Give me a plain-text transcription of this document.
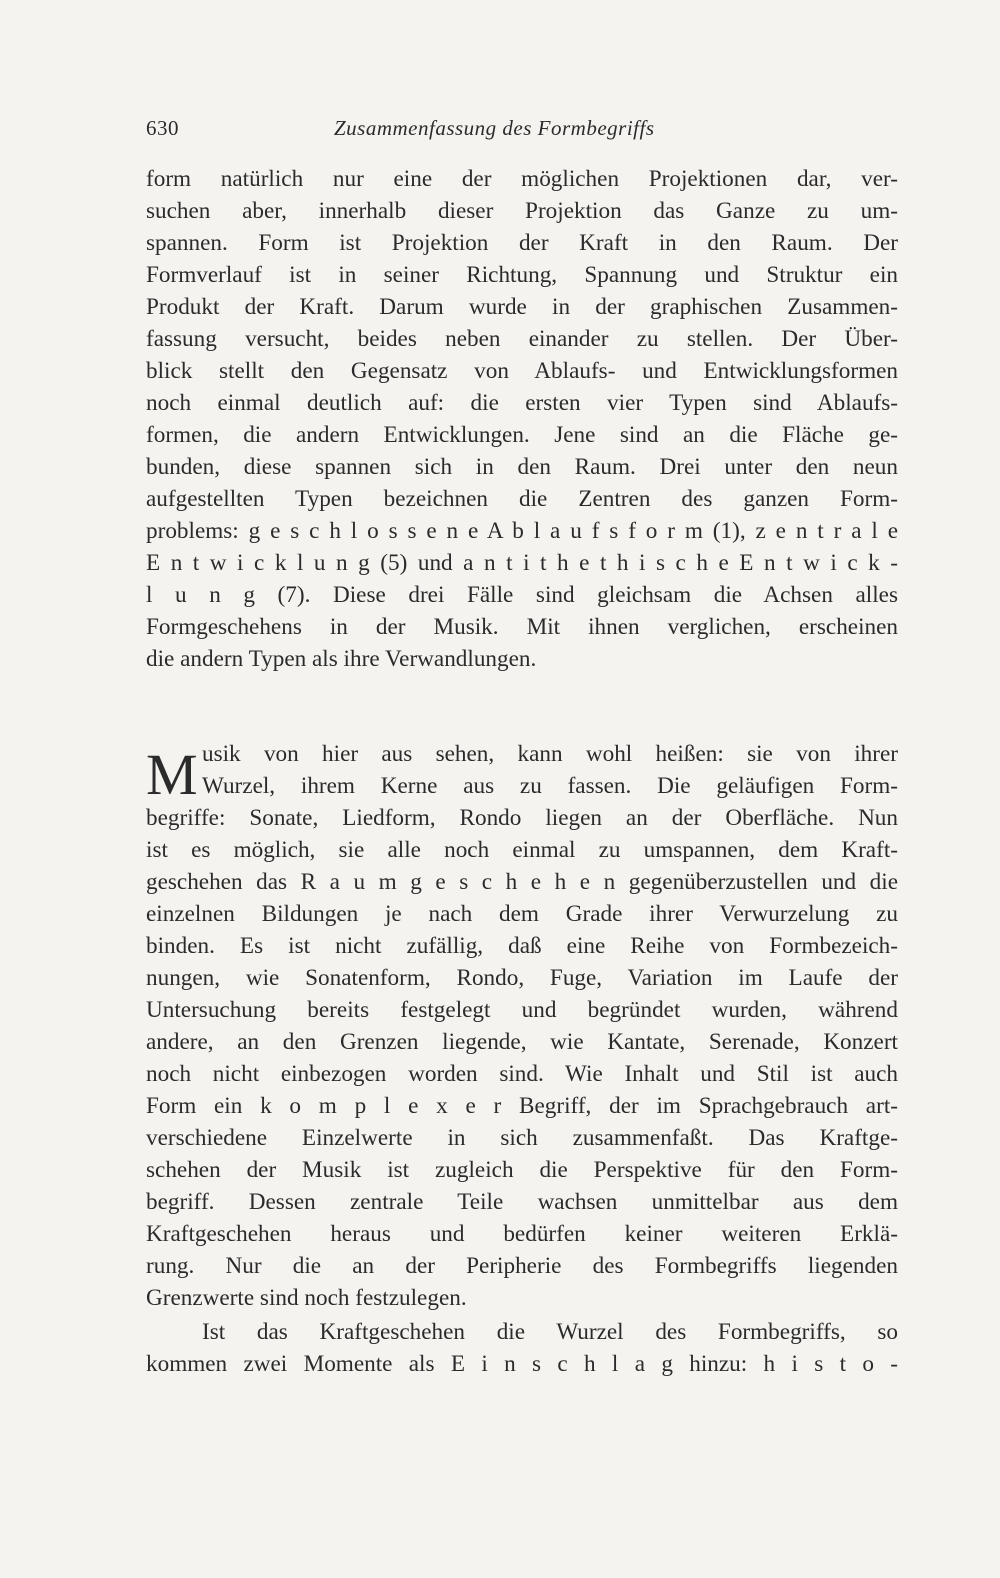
630	Zusammenfassung des Formbegriffs
form natürlich nur eine der möglichen Projektionen dar, ver-
suchen aber, innerhalb dieser Projektion das Ganze zu um-
spannen. Form ist Projektion der Kraft in den Raum. Der
Formverlauf ist in seiner Richtung, Spannung und Struktur ein
Produkt der Kraft. Darum wurde in der graphischen Zusammen-
fassung versucht, beides neben einander zu stellen. Der Über-
blick stellt den Gegensatz von Ablaufs- und Entwicklungsformen
noch einmal deutlich auf: die ersten vier Typen sind Ablaufs-
formen, die andern Entwicklungen. Jene sind an die Fläche ge-
bunden, diese spannen sich in den Raum. Drei unter den neun
aufgestellten Typen bezeichnen die Zentren des ganzen Form-
problems: g e s c h l o s s e n e A b l a u f s f o r m (1), z e n t r a l e
E n t w i c k l u n g (5) und a n t i t h e t h i s c h e E n t w i c k -
l u n g (7). Diese drei Fälle sind gleichsam die Achsen alles
Formgeschehens in der Musik. Mit ihnen verglichen, erscheinen
die andern Typen als ihre Verwandlungen.
M usik von hier aus sehen, kann wohl heißen: sie von ihrer
Wurzel, ihrem Kerne aus zu fassen. Die geläufigen Form-
begriffe: Sonate, Liedform, Rondo liegen an der Oberfläche. Nun
ist es möglich, sie alle noch einmal zu umspannen, dem Kraft-
geschehen das R a u m g e s c h e h e n gegenüberzustellen und die
einzelnen Bildungen je nach dem Grade ihrer Verwurzelung zu
binden. Es ist nicht zufällig, daß eine Reihe von Formbezeich-
nungen, wie Sonatenform, Rondo, Fuge, Variation im Laufe der
Untersuchung bereits festgelegt und begründet wurden, während
andere, an den Grenzen liegende, wie Kantate, Serenade, Konzert
noch nicht einbezogen worden sind. Wie Inhalt und Stil ist auch
Form ein k o m p l e x e r Begriff, der im Sprachgebrauch art-
verschiedene Einzelwerte in sich zusammenfaßt. Das Kraftge-
schehen der Musik ist zugleich die Perspektive für den Form-
begriff. Dessen zentrale Teile wachsen unmittelbar aus dem
Kraftgeschehen heraus und bedürfen keiner weiteren Erklä-
rung. Nur die an der Peripherie des Formbegriffs liegenden
Grenzwerte sind noch festzulegen.
Ist das Kraftgeschehen die Wurzel des Formbegriffs, so
kommen zwei Momente als E i n s c h l a g hinzu: h i s t o -
